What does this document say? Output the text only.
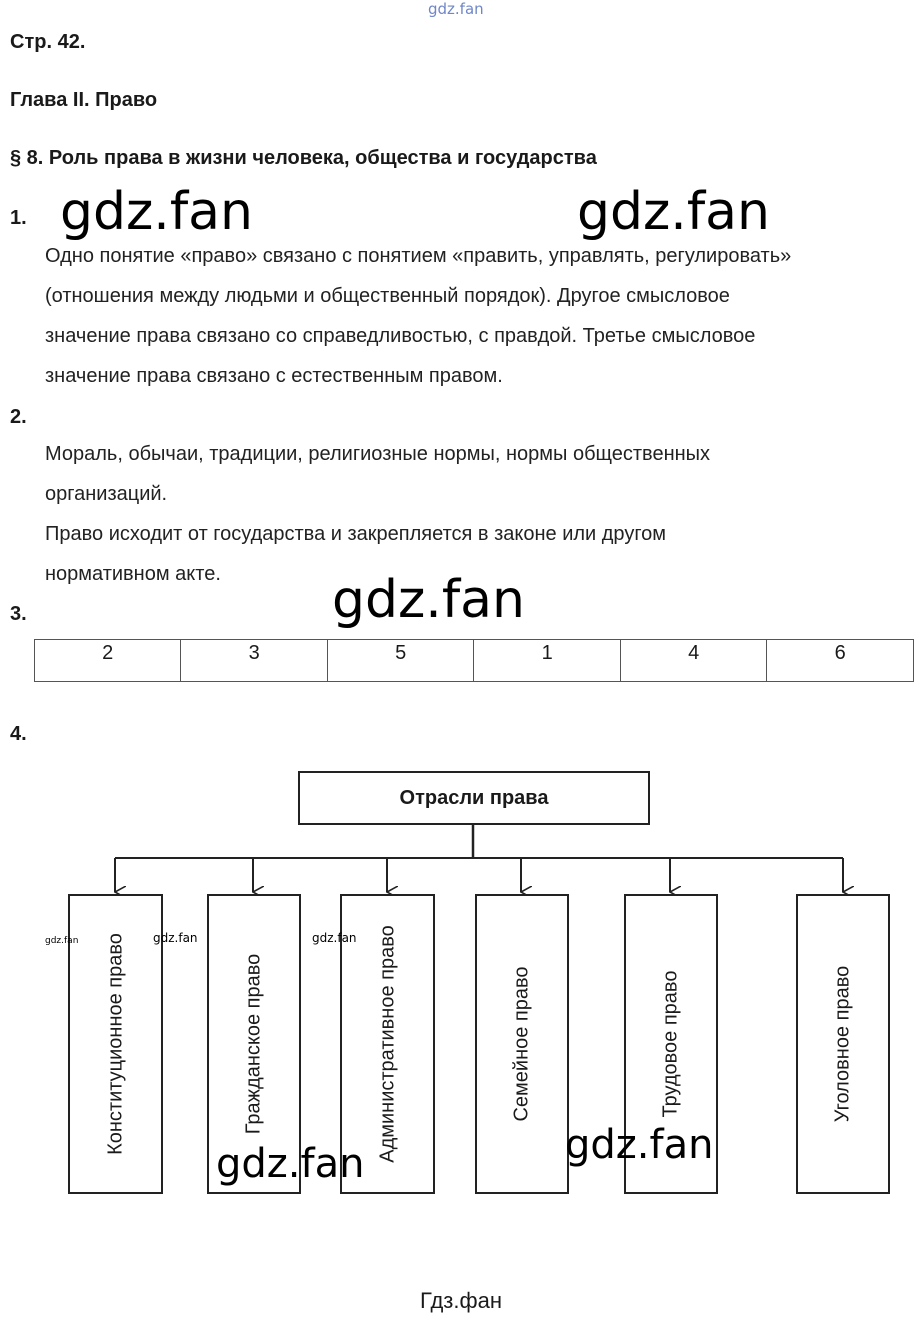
gdz.fan
Стр. 42.
Глава II. Право
§ 8. Роль права в жизни человека, общества и государства
1.
Одно понятие «право» связано с понятием «править, управлять, регулировать»
(отношения между людьми и общественный порядок). Другое смысловое
значение права связано со справедливостью, с правдой. Третье смысловое
значение права связано с естественным правом.
2.
Мораль, обычаи, традиции, религиозные нормы, нормы общественных
организаций.
Право исходит от государства и закрепляется в законе или другом
нормативном акте.
3.
2	3	5	1	4	6
4.
Отрасли права
Конституционное право	Гражданское право	Административное право	Семейное право	Трудовое право	Уголовное право
gdz.fan	gdz.fan
gdz.fan
gdz.fan	gdz.fan
gdz.fan	gdz.fan	gdz.fan
Гдз.фан
